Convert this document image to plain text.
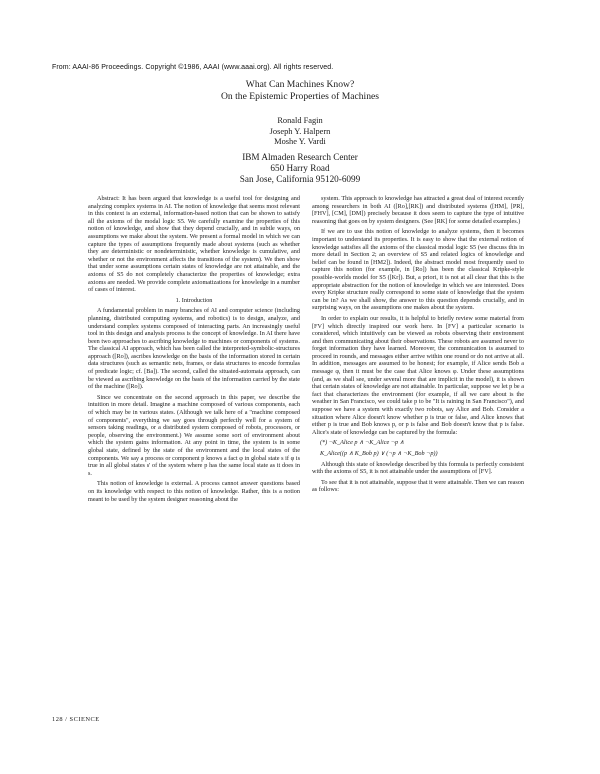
From: AAAI-86 Proceedings. Copyright ©1986, AAAI (www.aaai.org). All rights reserved.
What Can Machines Know?
On the Epistemic Properties of Machines
Ronald Fagin
Joseph Y. Halpern
Moshe Y. Vardi
IBM Almaden Research Center
650 Harry Road
San Jose, California 95120-6099

Abstract: It has been argued that knowledge is a useful tool for designing and analyzing complex systems in AI. The notion of knowledge that seems most relevant in this context is an external, information-based notion that can be shown to satisfy all the axioms of the modal logic S5. We carefully examine the properties of this notion of knowledge, and show that they depend crucially, and in subtle ways, on assumptions we make about the system. We present a formal model in which we can capture the types of assumptions frequently made about systems (such as whether they are deterministic or nondeterministic, whether knowledge is cumulative, and whether or not the environment affects the transitions of the system). We then show that under some assumptions certain states of knowledge are not attainable, and the axioms of S5 do not completely characterize the properties of knowledge; extra axioms are needed. We provide complete axiomatizations for knowledge in a number of cases of interest.

1. Introduction

A fundamental problem in many branches of AI and computer science (including planning, distributed computing systems, and robotics) is to design, analyze, and understand complex systems composed of interacting parts. An increasingly useful tool in this design and analysis process is the concept of knowledge. In AI there have been two approaches to ascribing knowledge to machines or components of systems. The classical AI approach, which has been called the interpreted-symbolic-structures approach ([Ro]), ascribes knowledge on the basis of the information stored in certain data structures (such as semantic nets, frames, or data structures to encode formulas of predicate logic; cf. [Ba]). The second, called the situated-automata approach, can be viewed as ascribing knowledge on the basis of the information carried by the state of the machine ([Ro]).

Since we concentrate on the second approach in this paper, we describe the intuition in more detail. Imagine a machine composed of various components, each of which may be in various states. (Although we talk here of a "machine composed of components", everything we say goes through perfectly well for a system of sensors taking readings, or a distributed system composed of robots, processors, or people, observing the environment.) We assume some sort of environment about which the system gains information. At any point in time, the system is in some global state, defined by the state of the environment and the local states of the components. We say a process or component p knows a fact φ in global state s if φ is true in all global states s' of the system where p has the same local state as it does in s.

This notion of knowledge is external. A process cannot answer questions based on its knowledge with respect to this notion of knowledge. Rather, this is a notion meant to be used by the system designer reasoning about the

system. This approach to knowledge has attracted a great deal of interest recently among researchers in both AI ([Ro],[RK]) and distributed systems ([HM], [PR], [FHV], [CM], [DM]) precisely because it does seem to capture the type of intuitive reasoning that goes on by system designers. (See [RK] for some detailed examples.)

If we are to use this notion of knowledge to analyze systems, then it becomes important to understand its properties. It is easy to show that the external notion of knowledge satisfies all the axioms of the classical modal logic S5 (we discuss this in more detail in Section 2; an overview of S5 and related logics of knowledge and belief can be found in [HM2]). Indeed, the abstract model most frequently used to capture this notion (for example, in [Ro]) has been the classical Kripke-style possible-worlds model for S5 ([Kr]). But, a priori, it is not at all clear that this is the appropriate abstraction for the notion of knowledge in which we are interested. Does every Kripke structure really correspond to some state of knowledge that the system can be in? As we shall show, the answer to this question depends crucially, and in surprising ways, on the assumptions one makes about the system.

In order to explain our results, it is helpful to briefly review some material from [FV] which directly inspired our work here. In [FV] a particular scenario is considered, which intuitively can be viewed as robots observing their environment and then communicating about their observations. These robots are assumed never to forget information they have learned. Moreover, the communication is assumed to proceed in rounds, and messages either arrive within one round or do not arrive at all. In addition, messages are assumed to be honest; for example, if Alice sends Bob a message φ, then it must be the case that Alice knows φ. Under these assumptions (and, as we shall see, under several more that are implicit in the model), it is shown that certain states of knowledge are not attainable. In particular, suppose we let p be a fact that characterizes the environment (for example, if all we care about is the weather in San Francisco, we could take p to be "It is raining in San Francisco"), and suppose we have a system with exactly two robots, say Alice and Bob. Consider a situation where Alice doesn't know whether p is true or false, and Alice knows that either p is true and Bob knows p, or p is false and Bob doesn't know that p is false. Alice's state of knowledge can be captured by the formula:

(*) ¬K_Alice p ∧ ¬K_Alice ¬p ∧

K_Alice((p ∧ K_Bob p) ∨ (¬p ∧ ¬K_Bob ¬p))

Although this state of knowledge described by this formula is perfectly consistent with the axioms of S5, it is not attainable under the assumptions of [FV].

To see that it is not attainable, suppose that it were attainable. Then we can reason as follows:

128 / SCIENCE
